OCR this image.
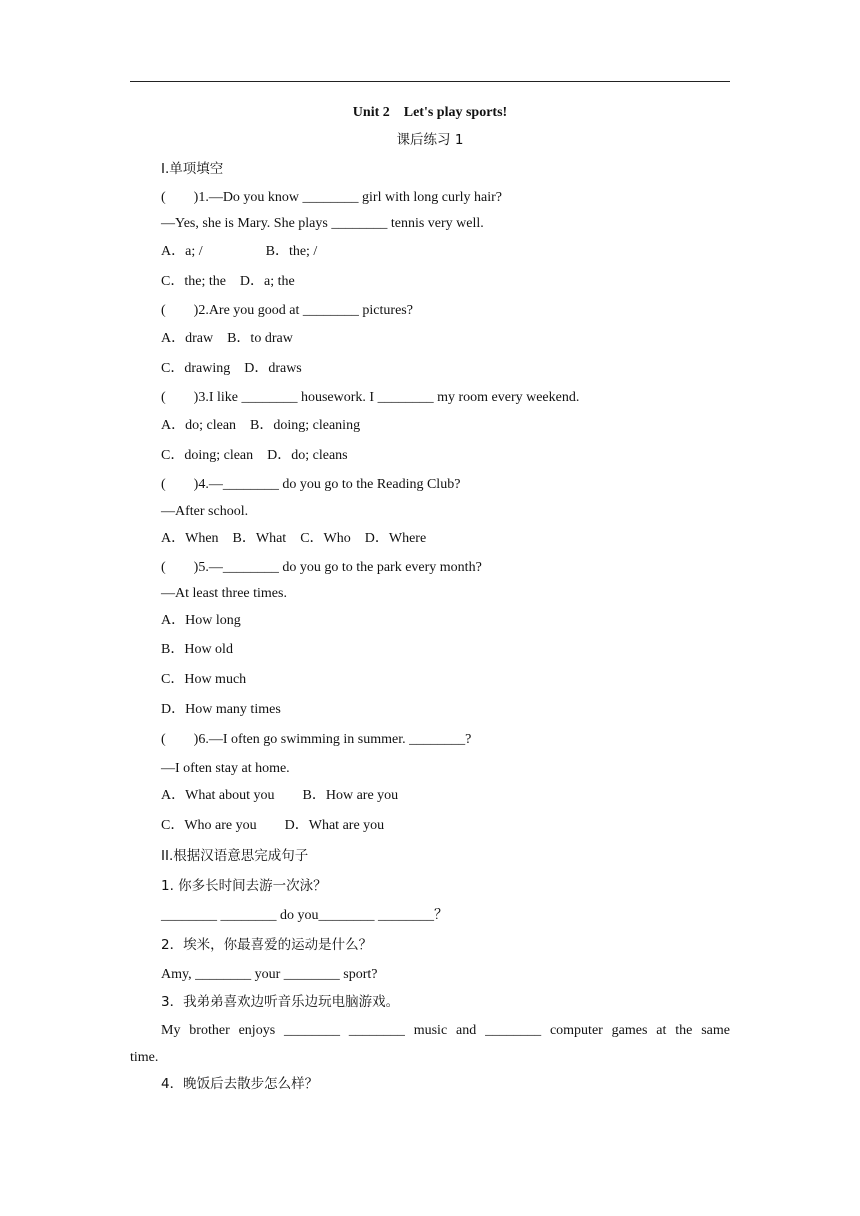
Unit 2    Let's play sports!
课后练习 1
I.单项填空
(        )1.—Do you know ________ girl with long curly hair?
—Yes, she is Mary. She plays ________ tennis very well.
A．a; /                  B．the; /
C．the; the    D．a; the
(        )2.Are you good at ________ pictures?
A．draw    B．to draw
C．drawing    D．draws
(        )3.I like ________ housework. I ________ my room every weekend.
A．do; clean    B．doing; cleaning
C．doing; clean    D．do; cleans
(        )4.—________ do you go to the Reading Club?
—After school.
A．When    B．What    C．Who    D．Where
(        )5.—________ do you go to the park every month?
—At least three times.
A．How long
B．How old
C．How much
D．How many times
(        )6.—I often go swimming in summer. ________?
—I often stay at home.
A．What about you        B．How are you
C．Who are you        D．What are you
II.根据汉语意思完成句子
1. 你多长时间去游一次泳？
________ ________ do you________ ________？
2．埃米，你最喜爱的运动是什么？
Amy, ________ your ________ sport?
3．我弟弟喜欢边听音乐边玩电脑游戏。
My brother enjoys ________ ________ music and ________ computer games at the same
time.
4．晚饭后去散步怎么样？
